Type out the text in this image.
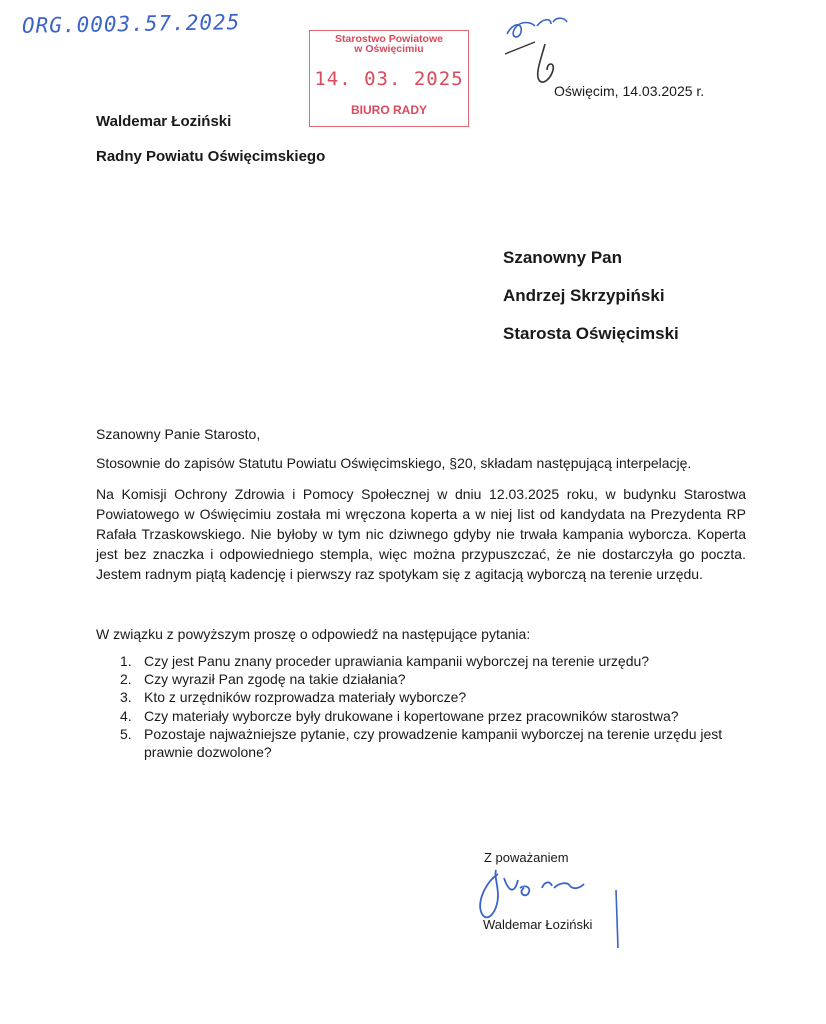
ORG.0003.57.2025
Starostwo Powiatowe
w Oświęcimiu
14. 03. 2025
BIURO RADY
Oświęcim, 14.03.2025 r.
Waldemar Łoziński
Radny Powiatu Oświęcimskiego
Szanowny Pan
Andrzej Skrzypiński
Starosta Oświęcimski
Szanowny Panie Starosto,
Stosownie do zapisów Statutu Powiatu Oświęcimskiego, §20, składam następującą interpelację.
Na Komisji Ochrony Zdrowia i Pomocy Społecznej w dniu 12.03.2025 roku, w budynku Starostwa Powiatowego w Oświęcimiu została mi wręczona koperta a w niej list od kandydata na Prezydenta RP Rafała Trzaskowskiego. Nie byłoby w tym nic dziwnego gdyby nie trwała kampania wyborcza. Koperta jest bez znaczka i odpowiedniego stempla, więc można przypuszczać, że nie dostarczyła go poczta. Jestem radnym piątą kadencję i pierwszy raz spotykam się z agitacją wyborczą na terenie urzędu.
W związku z powyższym proszę o odpowiedź na następujące pytania:
1. Czy jest Panu znany proceder uprawiania kampanii wyborczej na terenie urzędu?
2. Czy wyraził Pan zgodę na takie działania?
3. Kto z urzędników rozprowadza materiały wyborcze?
4. Czy materiały wyborcze były drukowane i kopertowane przez pracowników starostwa?
5. Pozostaje najważniejsze pytanie, czy prowadzenie kampanii wyborczej na terenie urzędu jest prawnie dozwolone?
Z poważaniem
Waldemar Łoziński
